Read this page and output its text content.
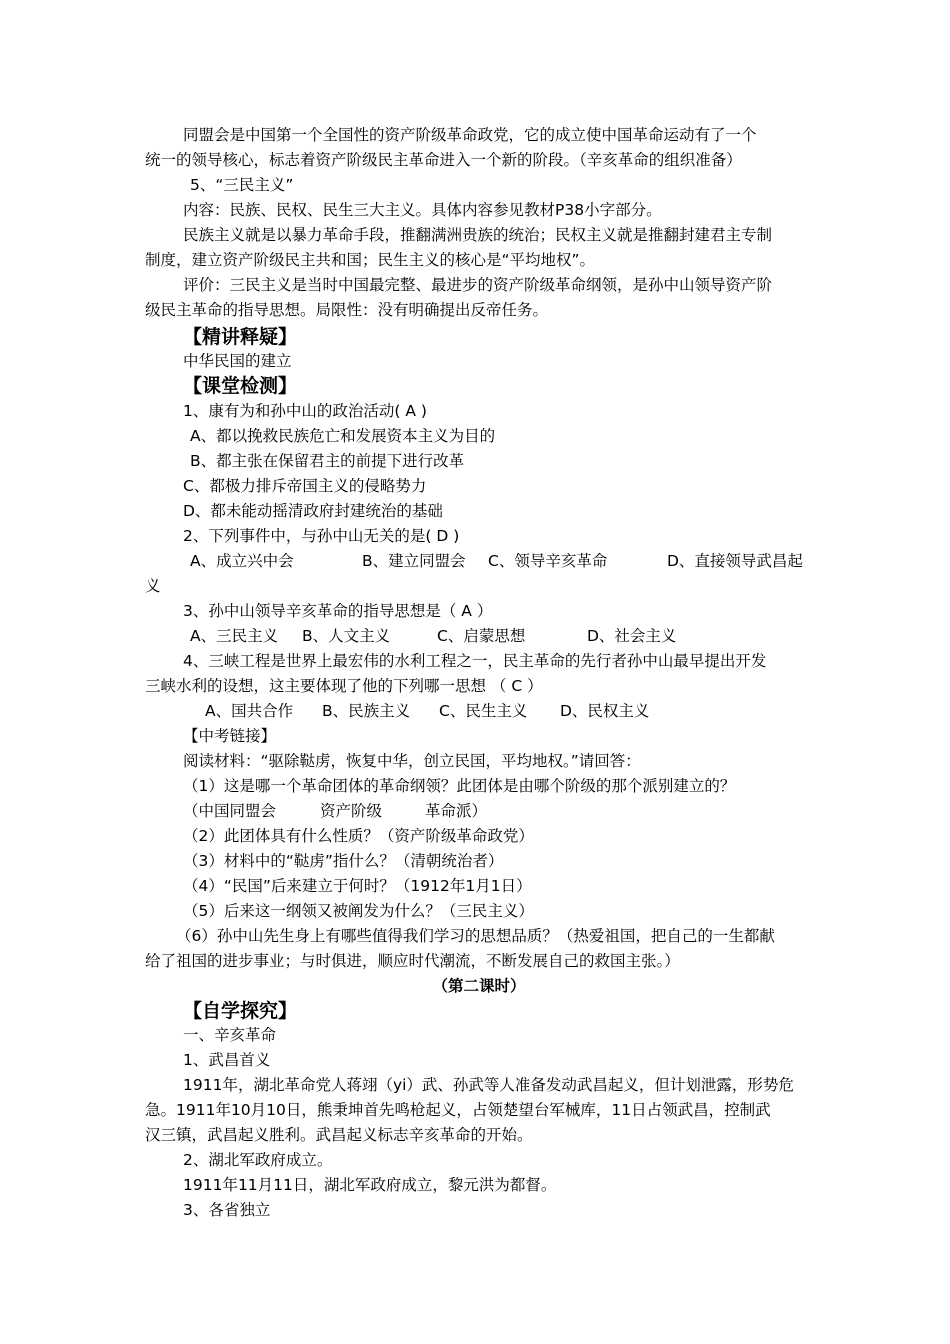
同盟会是中国第一个全国性的资产阶级革命政党，它的成立使中国革命运动有了一个
统一的领导核心，标志着资产阶级民主革命进入一个新的阶段。（辛亥革命的组织准备）
5、“三民主义”
内容：民族、民权、民生三大主义。具体内容参见教材P38小字部分。
民族主义就是以暴力革命手段，推翻满洲贵族的统治；民权主义就是推翻封建君主专制
制度，建立资产阶级民主共和国；民生主义的核心是“平均地权”。
评价：三民主义是当时中国最完整、最进步的资产阶级革命纲领，是孙中山领导资产阶
级民主革命的指导思想。局限性：没有明确提出反帝任务。
【精讲释疑】
中华民国的建立
【课堂检测】
1、康有为和孙中山的政治活动( A )
A、都以挽救民族危亡和发展资本主义为目的
B、都主张在保留君主的前提下进行改革
C、都极力排斥帝国主义的侵略势力
D、都未能动摇清政府封建统治的基础
2、下列事件中，与孙中山无关的是( D )
A、成立兴中会	B、建立同盟会 C、领导辛亥革命	D、直接领导武昌起
义
3、孙中山领导辛亥革命的指导思想是（ A ）
A、三民主义 B、人文主义	C、启蒙思想	D、社会主义
4、三峡工程是世界上最宏伟的水利工程之一，民主革命的先行者孙中山最早提出开发
三峡水利的设想，这主要体现了他的下列哪一思想 （ C ）
A、国共合作 B、民族主义 C、民生主义 D、民权主义
【中考链接】
阅读材料：“驱除鞑虏，恢复中华，创立民国，平均地权。”请回答：
（1）这是哪一个革命团体的革命纲领？此团体是由哪个阶级的那个派别建立的？
（中国同盟会	资产阶级	革命派）
（2）此团体具有什么性质？（资产阶级革命政党）
（3）材料中的“鞑虏”指什么？（清朝统治者）
（4）“民国”后来建立于何时？（1912年1月1日）
（5）后来这一纲领又被阐发为什么？（三民主义）
（6）孙中山先生身上有哪些值得我们学习的思想品质？（热爱祖国，把自己的一生都献
给了祖国的进步事业；与时俱进，顺应时代潮流，不断发展自己的救国主张。）
（第二课时）
【自学探究】
一、辛亥革命
1、武昌首义
1911年，湖北革命党人蒋翊（yi）武、孙武等人准备发动武昌起义，但计划泄露，形势危
急。1911年10月10日，熊秉坤首先鸣枪起义，占领楚望台军械库，11日占领武昌，控制武
汉三镇，武昌起义胜利。武昌起义标志辛亥革命的开始。
2、湖北军政府成立。
1911年11月11日，湖北军政府成立，黎元洪为都督。
3、各省独立
